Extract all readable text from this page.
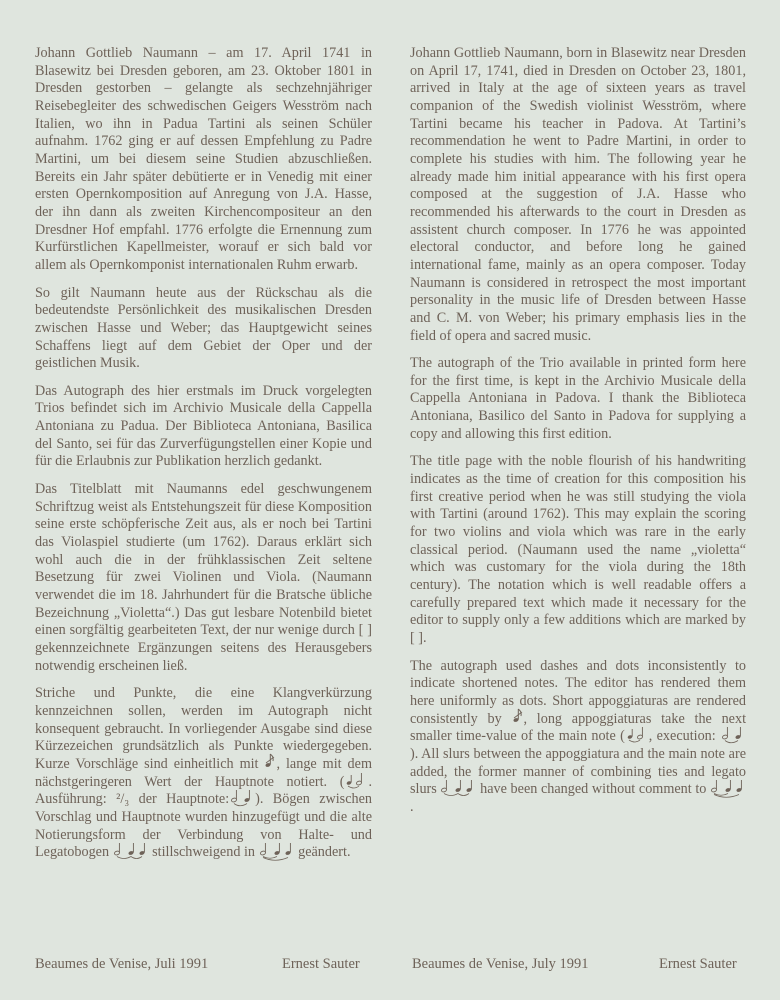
Johann Gottlieb Naumann – am 17. April 1741 in Blasewitz bei Dresden geboren, am 23. Oktober 1801 in Dresden gestorben – gelangte als sechzehnjähriger Reisebegleiter des schwedischen Geigers Wesström nach Italien, wo ihn in Padua Tartini als seinen Schüler aufnahm. 1762 ging er auf dessen Empfehlung zu Padre Martini, um bei diesem seine Studien abzuschließen. Bereits ein Jahr später debütierte er in Venedig mit einer ersten Opernkomposition auf Anregung von J.A. Hasse, der ihn dann als zweiten Kirchencompositeur an den Dresdner Hof empfahl. 1776 erfolgte die Ernennung zum Kurfürstlichen Kapellmeister, worauf er sich bald vor allem als Opernkomponist internationalen Ruhm erwarb.

So gilt Naumann heute aus der Rückschau als die bedeutendste Persönlichkeit des musikalischen Dresden zwischen Hasse und Weber; das Hauptgewicht seines Schaffens liegt auf dem Gebiet der Oper und der geistlichen Musik.

Das Autograph des hier erstmals im Druck vorgelegten Trios befindet sich im Archivio Musicale della Cappella Antoniana zu Padua. Der Biblioteca Antoniana, Basilica del Santo, sei für das Zurverfügungstellen einer Kopie und für die Erlaubnis zur Publikation herzlich gedankt.

Das Titelblatt mit Naumanns edel geschwungenem Schriftzug weist als Entstehungszeit für diese Komposition seine erste schöpferische Zeit aus, als er noch bei Tartini das Violaspiel studierte (um 1762). Daraus erklärt sich wohl auch die in der frühklassischen Zeit seltene Besetzung für zwei Violinen und Viola. (Naumann verwendet die im 18. Jahrhundert für die Bratsche übliche Bezeichnung „Violetta“.) Das gut lesbare Notenbild bietet einen sorgfältig gearbeiteten Text, der nur wenige durch [ ] gekennzeichnete Ergänzungen seitens des Herausgebers notwendig erscheinen ließ.

Striche und Punkte, die eine Klangverkürzung kennzeichnen sollen, werden im Autograph nicht konsequent gebraucht. In vorliegender Ausgabe sind diese Kürzezeichen grundsätzlich als Punkte wiedergegeben. Kurze Vorschläge sind einheitlich mit , lange mit dem nächstgeringeren Wert der Hauptnote notiert. ( . Ausführung: ²/₃ der Hauptnote: ). Bögen zwischen Vorschlag und Hauptnote wurden hinzugefügt und die alte Notierungsform der Verbindung von Halte- und Legatobogen	stillschweigend in	geändert.

Johann Gottlieb Naumann, born in Blasewitz near Dresden on April 17, 1741, died in Dresden on October 23, 1801, arrived in Italy at the age of sixteen years as travel companion of the Swedish violinist Wesström, where Tartini became his teacher in Padova. At Tartini’s recommendation he went to Padre Martini, in order to complete his studies with him. The following year he already made him initial appearance with his first opera composed at the suggestion of J.A. Hasse who recommended his afterwards to the court in Dresden as assistent church composer. In 1776 he was appointed electoral conductor, and before long he gained international fame, mainly as an opera composer. Today Naumann is considered in retrospect the most important personality in the music life of Dresden between Hasse and C. M. von Weber; his primary emphasis lies in the field of opera and sacred music.

The autograph of the Trio available in printed form here for the first time, is kept in the Archivio Musicale della Cappella Antoniana in Padova. I thank the Biblioteca Antoniana, Basilico del Santo in Padova for supplying a copy and allowing this first edition.

The title page with the noble flourish of his handwriting indicates as the time of creation for this composition his first creative period when he was still studying the viola with Tartini (around 1762). This may explain the scoring for two violins and viola which was rare in the early classical period. (Naumann used the name „violetta“ which was customary for the viola during the 18th century). The notation which is well readable offers a carefully prepared text which made it necessary for the editor to supply only a few additions which are marked by [ ].

The autograph used dashes and dots inconsistently to indicate shortened notes. The editor has rendered them here uniformly as dots. Short appoggiaturas are rendered consistently by , long appoggiaturas take the next smaller time-value of the main note ( , execution:
). All slurs between the appoggiatura and the main note are added, the former manner of combining ties and legato slurs	have been changed without comment to
.

Beaumes de Venise, Juli 1991	Ernest Sauter	Beaumes de Venise, July 1991	Ernest Sauter
